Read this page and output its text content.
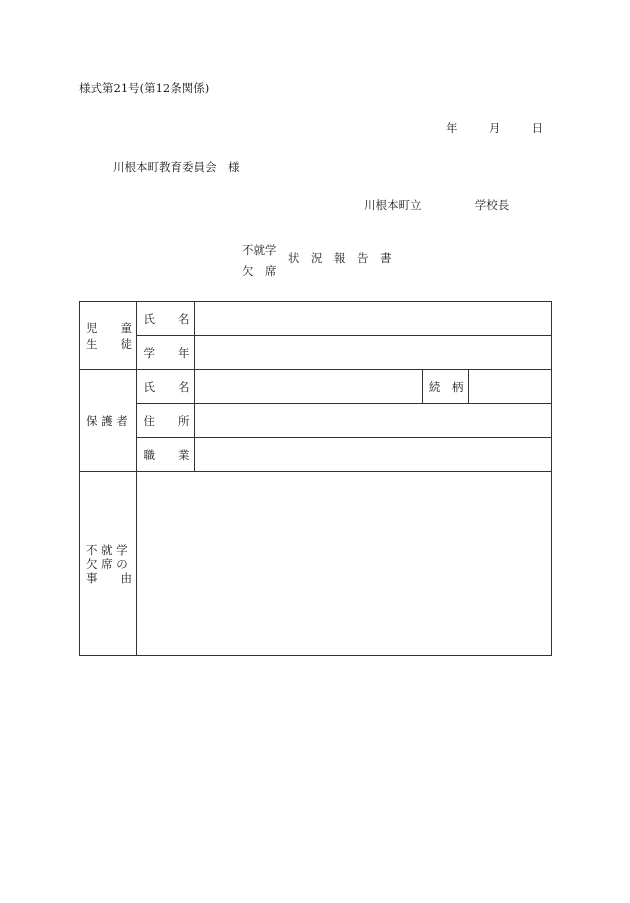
様式第21号(第12条関係)
年	月	日
川根本町教育委員会　様
川根本町立	学校長
不就学
欠　席
状　況　報　告　書
児　　童
生　　徒	氏　　名			
	学　　年			
保 護 者	氏　　名		続　柄	
	住　　所			
	職　　業			

不 就 学
欠 席 の
事　　由				
